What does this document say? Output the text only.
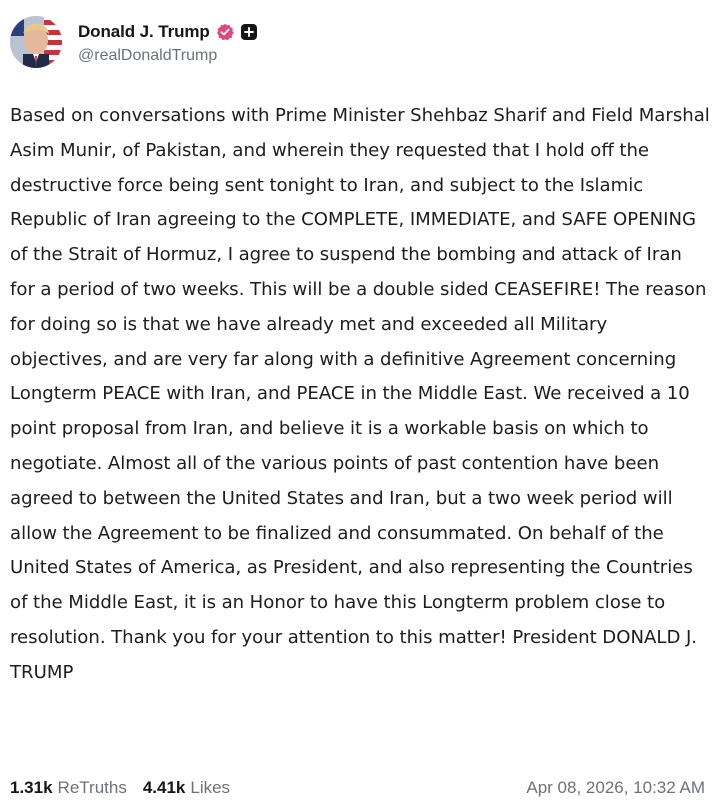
Donald J. Trump
@realDonaldTrump

Based on conversations with Prime Minister Shehbaz Sharif and Field Marshal Asim Munir, of Pakistan, and wherein they requested that I hold off the destructive force being sent tonight to Iran, and subject to the Islamic Republic of Iran agreeing to the COMPLETE, IMMEDIATE, and SAFE OPENING of the Strait of Hormuz, I agree to suspend the bombing and attack of Iran for a period of two weeks. This will be a double sided CEASEFIRE! The reason for doing so is that we have already met and exceeded all Military objectives, and are very far along with a definitive Agreement concerning Longterm PEACE with Iran, and PEACE in the Middle East. We received a 10 point proposal from Iran, and believe it is a workable basis on which to negotiate. Almost all of the various points of past contention have been agreed to between the United States and Iran, but a two week period will allow the Agreement to be finalized and consummated. On behalf of the United States of America, as President, and also representing the Countries of the Middle East, it is an Honor to have this Longterm problem close to resolution. Thank you for your attention to this matter! President DONALD J. TRUMP

1.31k ReTruths 4.41k Likes	Apr 08, 2026, 10:32 AM
